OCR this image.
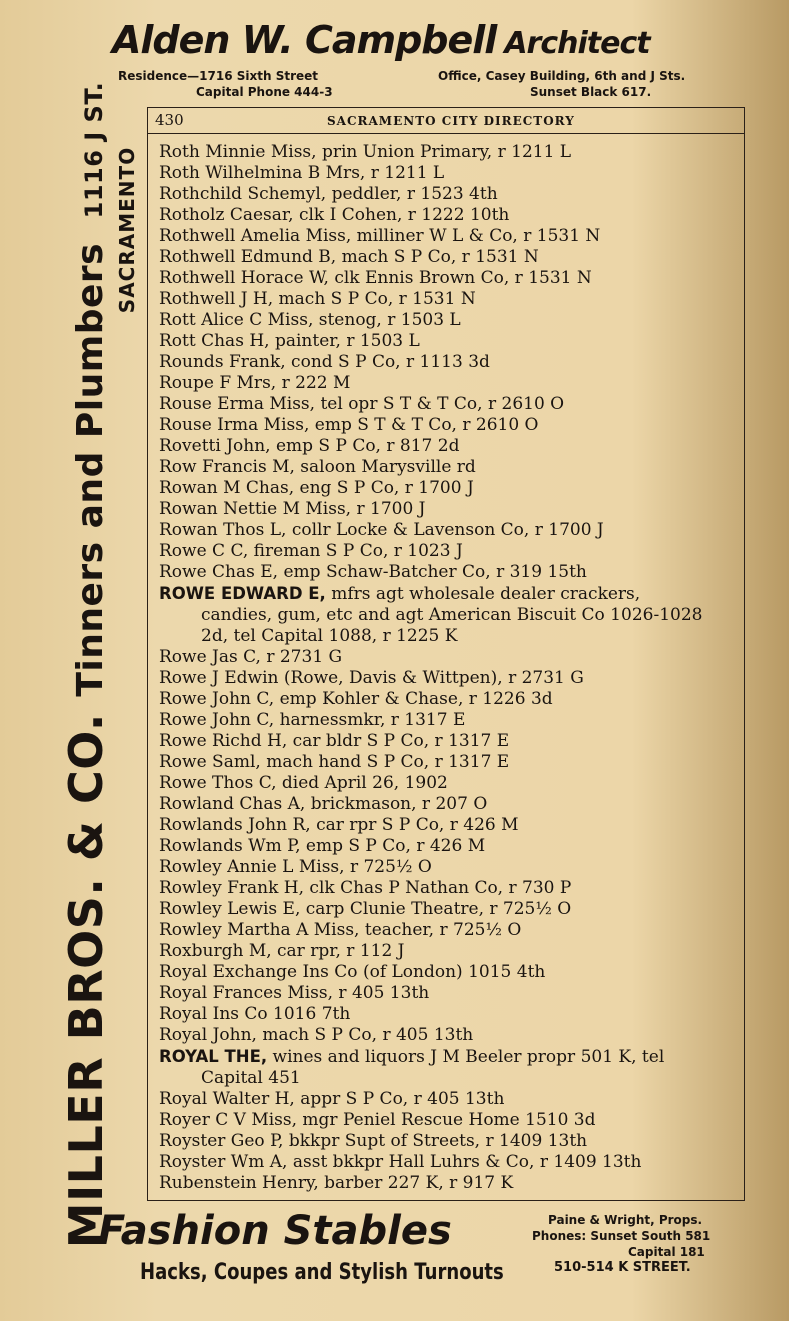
Alden W. Campbell Architect
Residence—1716 Sixth Street
Capital Phone 444-3
Office, Casey Building, 6th and J Sts.
Sunset Black 617.
MILLER BROS. & CO. Tinners and Plumbers 1116 J ST. SACRAMENTO
430	SACRAMENTO CITY DIRECTORY
Roth Minnie Miss, prin Union Primary, r 1211 L
Roth Wilhelmina B Mrs, r 1211 L
Rothchild Schemyl, peddler, r 1523 4th
Rotholz Caesar, clk I Cohen, r 1222 10th
Rothwell Amelia Miss, milliner W L & Co, r 1531 N
Rothwell Edmund B, mach S P Co, r 1531 N
Rothwell Horace W, clk Ennis Brown Co, r 1531 N
Rothwell J H, mach S P Co, r 1531 N
Rott Alice C Miss, stenog, r 1503 L
Rott Chas H, painter, r 1503 L
Rounds Frank, cond S P Co, r 1113 3d
Roupe F Mrs, r 222 M
Rouse Erma Miss, tel opr S T & T Co, r 2610 O
Rouse Irma Miss, emp S T & T Co, r 2610 O
Rovetti John, emp S P Co, r 817 2d
Row Francis M, saloon Marysville rd
Rowan M Chas, eng S P Co, r 1700 J
Rowan Nettie M Miss, r 1700 J
Rowan Thos L, collr Locke & Lavenson Co, r 1700 J
Rowe C C, fireman S P Co, r 1023 J
Rowe Chas E, emp Schaw-Batcher Co, r 319 15th
ROWE EDWARD E, mfrs agt wholesale dealer crackers,
candies, gum, etc and agt American Biscuit Co 1026-1028
2d, tel Capital 1088, r 1225 K
Rowe Jas C, r 2731 G
Rowe J Edwin (Rowe, Davis & Wittpen), r 2731 G
Rowe John C, emp Kohler & Chase, r 1226 3d
Rowe John C, harnessmkr, r 1317 E
Rowe Richd H, car bldr S P Co, r 1317 E
Rowe Saml, mach hand S P Co, r 1317 E
Rowe Thos C, died April 26, 1902
Rowland Chas A, brickmason, r 207 O
Rowlands John R, car rpr S P Co, r 426 M
Rowlands Wm P, emp S P Co, r 426 M
Rowley Annie L Miss, r 725½ O
Rowley Frank H, clk Chas P Nathan Co, r 730 P
Rowley Lewis E, carp Clunie Theatre, r 725½ O
Rowley Martha A Miss, teacher, r 725½ O
Roxburgh M, car rpr, r 112 J
Royal Exchange Ins Co (of London) 1015 4th
Royal Frances Miss, r 405 13th
Royal Ins Co 1016 7th
Royal John, mach S P Co, r 405 13th
ROYAL THE, wines and liquors J M Beeler propr 501 K, tel
Capital 451
Royal Walter H, appr S P Co, r 405 13th
Royer C V Miss, mgr Peniel Rescue Home 1510 3d
Royster Geo P, bkkpr Supt of Streets, r 1409 13th
Royster Wm A, asst bkkpr Hall Luhrs & Co, r 1409 13th
Rubenstein Henry, barber 227 K, r 917 K
Fashion Stables
Hacks, Coupes and Stylish Turnouts
Paine & Wright, Props.
Phones: Sunset South 581
Capital 181
510-514 K STREET.
